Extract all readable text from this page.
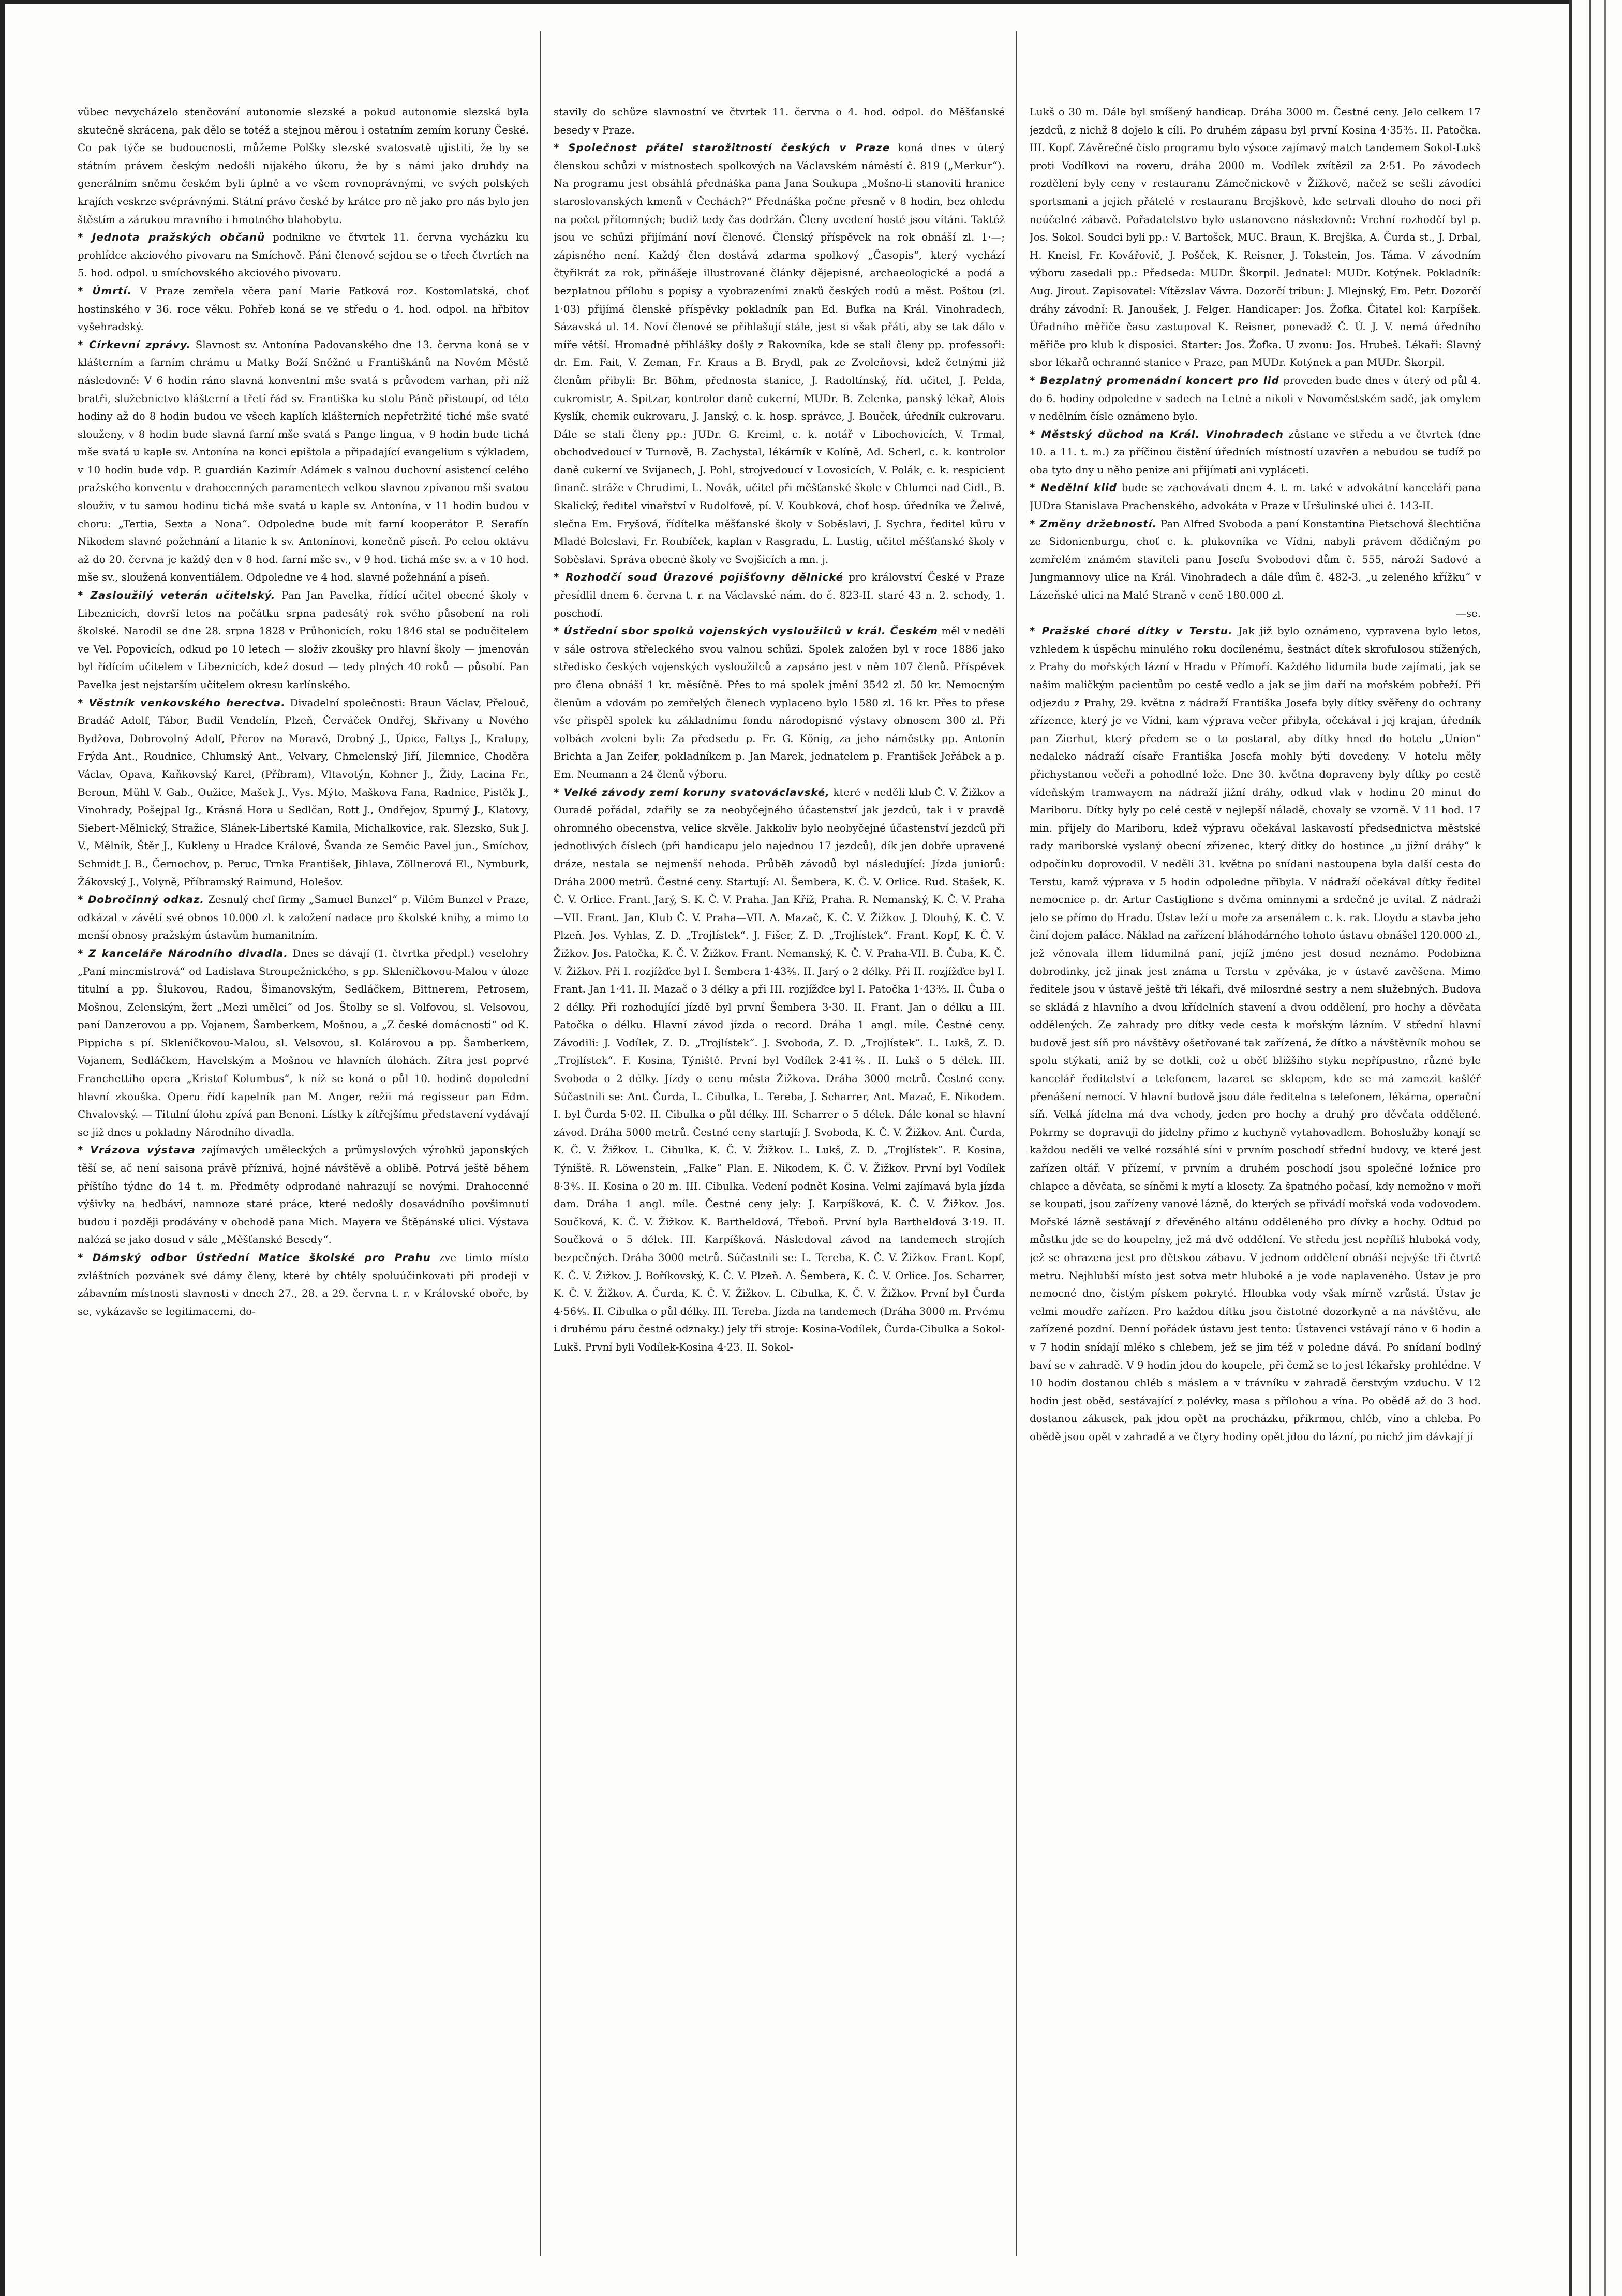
vůbec nevycházelo stenčování autonomie slezské a pokud autonomie slezská byla skutečně skrácena, pak dělo se totéž a stejnou měrou i ostatním zemím koruny České. Co pak týče se budoucnosti, můžeme Polšky slezské svatosvatě ujistiti, že by se státním právem českým nedošli nijakého úkoru, že by s námi jako druhdy na generálním sněmu českém byli úplně a ve všem rovnoprávnými, ve svých polských krajích veskrze svéprávnými. Státní právo české by krátce pro ně jako pro nás bylo jen štěstím a zárukou mravního i hmotného blahobytu.

* Jednota pražských občanů podnikne ve čtvrtek 11. června vycházku ku prohlídce akciového pivovaru na Smíchově. Páni členové sejdou se o třech čtvrtích na 5. hod. odpol. u smíchovského akciového pivovaru.

* Úmrtí. V Praze zemřela včera paní Marie Fatková roz. Kostomlatská, choť hostinského v 36. roce věku. Pohřeb koná se ve středu o 4. hod. odpol. na hřbitov vyšehradský.

* Církevní zprávy. Slavnost sv. Antonína Padovanského dne 13. června koná se v klášterním a farním chrámu u Matky Boží Sněžné u Františkánů na Novém Městě následovně: V 6 hodin ráno slavná konventní mše svatá s průvodem varhan, při níž bratři, služebnictvo klášterní a třetí řád sv. Františka ku stolu Páně přistoupí, od této hodiny až do 8 hodin budou ve všech kaplích klášterních nepřetržité tiché mše svaté slouženy, v 8 hodin bude slavná farní mše svatá s Pange lingua, v 9 hodin bude tichá mše svatá u kaple sv. Antonína na konci epištola a připadající evangelium s výkladem, v 10 hodin bude vdp. P. guardián Kazimír Adámek s valnou duchovní asistencí celého pražského konventu v drahocenných paramentech velkou slavnou zpívanou mši svatou slouživ, v tu samou hodinu tichá mše svatá u kaple sv. Antonína, v 11 hodin budou v choru: „Tertia, Sexta a Nona“. Odpoledne bude mít farní kooperátor P. Serafín Nikodem slavné požehnání a litanie k sv. Antonínovi, konečně píseň. Po celou oktávu až do 20. června je každý den v 8 hod. farní mše sv., v 9 hod. tichá mše sv. a v 10 hod. mše sv., sloužená konventiálem. Odpoledne ve 4 hod. slavné požehnání a píseň.

* Zasloužilý veterán učitelský. Pan Jan Pavelka, řídící učitel obecné školy v Libeznicích, dovrší letos na počátku srpna padesátý rok svého působení na roli školské. Narodil se dne 28. srpna 1828 v Průhonicích, roku 1846 stal se podučitelem ve Vel. Popovicích, odkud po 10 letech — složiv zkoušky pro hlavní školy — jmenován byl řídícím učitelem v Libeznicích, kdež dosud — tedy plných 40 roků — působí. Pan Pavelka jest nejstarším učitelem okresu karlínského.

* Věstník venkovského herectva. Divadelní společnosti: Braun Václav, Přelouč, Bradáč Adolf, Tábor, Budil Vendelín, Plzeň, Červáček Ondřej, Skřivany u Nového Bydžova, Dobrovolný Adolf, Přerov na Moravě, Drobný J., Úpice, Faltys J., Kralupy, Frýda Ant., Roudnice, Chlumský Ant., Velvary, Chmelenský Jiří, Jilemnice, Choděra Václav, Opava, Kaňkovský Karel, (Příbram), Vltavotýn, Kohner J., Židy, Lacina Fr., Beroun, Mühl V. Gab., Oužice, Mašek J., Vys. Mýto, Maškova Fana, Radnice, Pistěk J., Vinohrady, Pošejpal Ig., Krásná Hora u Sedlčan, Rott J., Ondřejov, Spurný J., Klatovy, Siebert-Mělnický, Stražice, Slánek-Libertské Kamila, Michalkovice, rak. Slezsko, Suk J. V., Mělník, Štěr J., Kukleny u Hradce Králové, Švanda ze Semčic Pavel jun., Smíchov, Schmidt J. B., Černochov, p. Peruc, Trnka František, Jihlava, Zöllnerová El., Nymburk, Žákovský J., Volyně, Příbramský Raimund, Holešov.

* Dobročinný odkaz. Zesnulý chef firmy „Samuel Bunzel“ p. Vilém Bunzel v Praze, odkázal v závětí své obnos 10.000 zl. k založení nadace pro školské knihy, a mimo to menší obnosy pražským ústavům humanitním.

* Z kanceláře Národního divadla. Dnes se dávají (1. čtvrtka předpl.) veselohry „Paní mincmistrová“ od Ladislava Stroupežnického, s pp. Skleničkovou-Malou v úloze titulní a pp. Šlukovou, Radou, Šimanovským, Sedláčkem, Bittnerem, Petrosem, Mošnou, Zelenským, žert „Mezi umělci“ od Jos. Štolby se sl. Volfovou, sl. Velsovou, paní Danzerovou a pp. Vojanem, Šamberkem, Mošnou, a „Z české domácnosti“ od K. Pippicha s pí. Skleničkovou-Malou, sl. Velsovou, sl. Kolárovou a pp. Šamberkem, Vojanem, Sedláčkem, Havelským a Mošnou ve hlavních úlohách. Zítra jest poprvé Franchettiho opera „Kristof Kolumbus“, k níž se koná o půl 10. hodině dopolední hlavní zkouška. Operu řídí kapelník pan M. Anger, režii má regisseur pan Edm. Chvalovský. — Titulní úlohu zpívá pan Benoni. Lístky k zítřejšímu představení vydávají se již dnes u pokladny Národního divadla.

* Vrázova výstava zajímavých uměleckých a průmyslových výrobků japonských těší se, ač není saisona právě příznivá, hojné návštěvě a oblibě. Potrvá ještě během příštího týdne do 14 t. m. Předměty odprodané nahrazují se novými. Drahocenné výšivky na hedbáví, namnoze staré práce, které nedošly dosavádního povšimnutí budou i později prodávány v obchodě pana Mich. Mayera ve Štěpánské ulici. Výstava nalézá se jako dosud v sále „Měšťanské Besedy“.

* Dámský odbor Ústřední Matice školské pro Prahu zve timto místo zvláštních pozvánek své dámy členy, které by chtěly spoluúčinkovati při prodeji v zábavním místnosti slavnosti v dnech 27., 28. a 29. června t. r. v Královské oboře, by se, vykázavše se legitimacemi, do-

stavily do schůze slavnostní ve čtvrtek 11. června o 4. hod. odpol. do Měšťanské besedy v Praze.

* Společnost přátel starožitností českých v Praze koná dnes v úterý členskou schůzi v místnostech spolkových na Václavském náměstí č. 819 („Merkur“). Na programu jest obsáhlá přednáška pana Jana Soukupa „Mošno-li stanoviti hranice staroslovanských kmenů v Čechách?“ Přednáška počne přesně v 8 hodin, bez ohledu na počet přítomných; budiž tedy čas dodržán. Členy uvedení hosté jsou vítáni. Taktéž jsou ve schůzi přijímání noví členové. Členský příspěvek na rok obnáší zl. 1·—; zápisného není. Každý člen dostává zdarma spolkový „Časopis“, který vychází čtyřikrát za rok, přinášeje illustrované články dějepisné, archaeologické a podá a bezplatnou přílohu s popisy a vyobrazeními znaků českých rodů a měst. Poštou (zl. 1·03) přijímá členské příspěvky pokladník pan Ed. Bufka na Král. Vinohradech, Sázavská ul. 14. Noví členové se přihlašují stále, jest si však přáti, aby se tak dálo v míře větší. Hromadné přihlášky došly z Rakovníka, kde se stali členy pp. professoři: dr. Em. Fait, V. Zeman, Fr. Kraus a B. Brydl, pak ze Zvoleňovsi, kdež četnými již členům přibyli: Br. Böhm, přednosta stanice, J. Radoltínský, říd. učitel, J. Pelda, cukromistr, A. Spitzar, kontrolor daně cukerní, MUDr. B. Zelenka, panský lékař, Alois Kyslík, chemik cukrovaru, J. Janský, c. k. hosp. správce, J. Bouček, úředník cukrovaru. Dále se stali členy pp.: JUDr. G. Kreiml, c. k. notář v Libochovicích, V. Trmal, obchodvedoucí v Turnově, B. Zachystal, lékárník v Kolíně, Ad. Scherl, c. k. kontrolor daně cukerní ve Svijanech, J. Pohl, strojvedoucí v Lovosicích, V. Polák, c. k. respicient finanč. stráže v Chrudimi, L. Novák, učitel při měšťanské škole v Chlumci nad Cidl., B. Skalický, ředitel vinařství v Rudolfově, pí. V. Koubková, choť hosp. úředníka ve Želivě, slečna Em. Fryšová, řídítelka měšťanské školy v Soběslavi, J. Sychra, ředitel kůru v Mladé Boleslavi, Fr. Roubíček, kaplan v Rasgradu, L. Lustig, učitel měšťanské školy v Soběslavi. Správa obecné školy ve Svojšicích a mn. j.

* Rozhodčí soud Úrazové pojišťovny dělnické pro království České v Praze přesídlil dnem 6. června t. r. na Václavské nám. do č. 823-II. staré 43 n. 2. schody, 1. poschodí.

* Ústřední sbor spolků vojenských vysloužilců v král. Českém měl v neděli v sále ostrova střeleckého svou valnou schůzi. Spolek založen byl v roce 1886 jako středisko českých vojenských vysloužilců a zapsáno jest v něm 107 členů. Příspěvek pro člena obnáší 1 kr. měsíčně. Přes to má spolek jmění 3542 zl. 50 kr. Nemocným členům a vdovám po zemřelých členech vyplaceno bylo 1580 zl. 16 kr. Přes to přese vše přispěl spolek ku základnímu fondu národopisné výstavy obnosem 300 zl. Při volbách zvoleni byli: Za předsedu p. Fr. G. König, za jeho náměstky pp. Antonín Brichta a Jan Zeifer, pokladníkem p. Jan Marek, jednatelem p. František Jeřábek a p. Em. Neumann a 24 členů výboru.

* Velké závody zemí koruny svatováclavské, které v neděli klub Č. V. Žižkov a Ouradě pořádal, zdařily se za neobyčejného účastenství jak jezdců, tak i v pravdě ohromného obecenstva, velice skvěle. Jakkoliv bylo neobyčejné účastenství jezdců při jednotlivých číslech (při handicapu jelo najednou 17 jezdců), dík jen dobře upravené dráze, nestala se nejmenší nehoda. Průběh závodů byl následující: Jízda juniorů: Dráha 2000 metrů. Čestné ceny. Startují: Al. Šembera, K. Č. V. Orlice. Rud. Stašek, K. Č. V. Orlice. Frant. Jarý, S. K. Č. V. Praha. Jan Kříž, Praha. R. Nemanský, K. Č. V. Praha—VII. Frant. Jan, Klub Č. V. Praha—VII. A. Mazač, K. Č. V. Žižkov. J. Dlouhý, K. Č. V. Plzeň. Jos. Vyhlas, Z. D. „Trojlístek“. J. Fišer, Z. D. „Trojlístek“. Frant. Kopf, K. Č. V. Žižkov. Jos. Patočka, K. Č. V. Žižkov. Frant. Nemanský, K. Č. V. Praha-VII. B. Čuba, K. Č. V. Žižkov. Při I. rozjížďce byl I. Šembera 1·43⅖. II. Jarý o 2 délky. Při II. rozjížďce byl I. Frant. Jan 1·41. II. Mazač o 3 délky a při III. rozjížďce byl I. Patočka 1·43⅗. II. Čuba o 2 délky. Při rozhodující jízdě byl první Šembera 3·30. II. Frant. Jan o délku a III. Patočka o délku. Hlavní závod jízda o record. Dráha 1 angl. míle. Čestné ceny. Závodili: J. Vodílek, Z. D. „Trojlístek“. J. Svoboda, Z. D. „Trojlístek“. L. Lukš, Z. D. „Trojlístek“. F. Kosina, Týniště. První byl Vodílek 2·41⅖. II. Lukš o 5 délek. III. Svoboda o 2 délky. Jízdy o cenu města Žižkova. Dráha 3000 metrů. Čestné ceny. Súčastnili se: Ant. Čurda, L. Cibulka, L. Tereba, J. Scharrer, Ant. Mazač, E. Nikodem. I. byl Čurda 5·02. II. Cibulka o půl délky. III. Scharrer o 5 délek. Dále konal se hlavní závod. Dráha 5000 metrů. Čestné ceny startují: J. Svoboda, K. Č. V. Žižkov. Ant. Čurda, K. Č. V. Žižkov. L. Cibulka, K. Č. V. Žižkov. L. Lukš, Z. D. „Trojlístek“. F. Kosina, Týniště. R. Löwenstein, „Falke“ Plan. E. Nikodem, K. Č. V. Žižkov. První byl Vodílek 8·3⅘. II. Kosina o 20 m. III. Cibulka. Vedení podnět Kosina. Velmi zajímavá byla jízda dam. Dráha 1 angl. míle. Čestné ceny jely: J. Karpíšková, K. Č. V. Žižkov. Jos. Součková, K. Č. V. Žižkov. K. Bartheldová, Třeboň. První byla Bartheldová 3·19. II. Součková o 5 délek. III. Karpíšková. Následoval závod na tandemech strojích bezpečných. Dráha 3000 metrů. Súčastnili se: L. Tereba, K. Č. V. Žižkov. Frant. Kopf, K. Č. V. Žižkov. J. Boříkovský, K. Č. V. Plzeň. A. Šembera, K. Č. V. Orlice. Jos. Scharrer, K. Č. V. Žižkov. A. Čurda, K. Č. V. Žižkov. L. Cibulka, K. Č. V. Žižkov. První byl Čurda 4·56⅘. II. Cibulka o půl délky. III. Tereba. Jízda na tandemech (Dráha 3000 m. Prvému i druhému páru čestné odznaky.) jely tři stroje: Kosina-Vodílek, Čurda-Cibulka a Sokol-Lukš. První byli Vodílek-Kosina 4·23. II. Sokol-

Lukš o 30 m. Dále byl smíšený handicap. Dráha 3000 m. Čestné ceny. Jelo celkem 17 jezdců, z nichž 8 dojelo k cíli. Po druhém zápasu byl první Kosina 4·35⅗. II. Patočka. III. Kopf. Závěrečné číslo programu bylo výsoce zajímavý match tandemem Sokol-Lukš proti Vodílkovi na roveru, dráha 2000 m. Vodílek zvítězil za 2·51. Po závodech rozdělení byly ceny v restauranu Zámečnickově v Žižkově, načež se sešli závodící sportsmani a jejich přátelé v restauranu Brejškově, kde setrvali dlouho do noci při neúčelné zábavě. Pořadatelstvo bylo ustanoveno následovně: Vrchní rozhodčí byl p. Jos. Sokol. Soudci byli pp.: V. Bartošek, MUC. Braun, K. Brejška, A. Čurda st., J. Drbal, H. Kneisl, Fr. Kovářovič, J. Pošček, K. Reisner, J. Tokstein, Jos. Táma. V závodním výboru zasedali pp.: Předseda: MUDr. Škorpil. Jednatel: MUDr. Kotýnek. Pokladník: Aug. Jirout. Zapisovatel: Vítězslav Vávra. Dozorčí tribun: J. Mlejnský, Em. Petr. Dozorčí dráhy závodní: R. Janoušek, J. Felger. Handicaper: Jos. Žofka. Čitatel kol: Karpíšek. Úřadního měřiče času zastupoval K. Reisner, ponevadž Č. Ú. J. V. nemá úředního měřiče pro klub k disposici. Starter: Jos. Žofka. U zvonu: Jos. Hrubeš. Lékaři: Slavný sbor lékařů ochranné stanice v Praze, pan MUDr. Kotýnek a pan MUDr. Škorpil.

* Bezplatný promenádní koncert pro lid proveden bude dnes v úterý od půl 4. do 6. hodiny odpoledne v sadech na Letné a nikoli v Novoměstském sadě, jak omylem v nedělním čísle oznámeno bylo.

* Městský důchod na Král. Vinohradech zůstane ve středu a ve čtvrtek (dne 10. a 11. t. m.) za příčinou čistění úředních místností uzavřen a nebudou se tudíž po oba tyto dny u něho penize ani přijímati ani vypláceti.

* Nedělní klid bude se zachovávati dnem 4. t. m. také v advokátní kanceláři pana JUDra Stanislava Prachenského, advokáta v Praze v Uršulinské ulici č. 143-II.

* Změny držebností. Pan Alfred Svoboda a paní Konstantina Pietschová šlechtična ze Sidonienburgu, choť c. k. plukovníka ve Vídni, nabyli právem dědičným po zemřelém známém staviteli panu Josefu Svobodovi dům č. 555, nároží Sadové a Jungmannovy ulice na Král. Vinohradech a dále dům č. 482-3. „u zeleného křížku“ v Lázeňské ulici na Malé Straně v ceně 180.000 zl.

—se.

* Pražské choré dítky v Terstu. Jak již bylo oznámeno, vypravena bylo letos, vzhledem k úspěchu minulého roku docílenému, šestnáct dítek skrofulosou stížených, z Prahy do mořských lázní v Hradu v Přímoří. Každého lidumila bude zajímati, jak se našim maličkým pacientům po cestě vedlo a jak se jim daří na mořském pobřeží. Při odjezdu z Prahy, 29. května z nádraží Františka Josefa byly dítky svěřeny do ochrany zřízence, který je ve Vídni, kam výprava večer přibyla, očekával i jej krajan, úředník pan Zierhut, který předem se o to postaral, aby dítky hned do hotelu „Union“ nedaleko nádraží císaře Františka Josefa mohly býti dovedeny. V hotelu měly přichystanou večeři a pohodlné lože. Dne 30. května dopraveny byly dítky po cestě vídeňským tramwayem na nádraží jižní dráhy, odkud vlak v hodinu 20 minut do Mariboru. Dítky byly po celé cestě v nejlepší náladě, chovaly se vzorně. V 11 hod. 17 min. přijely do Mariboru, kdež výpravu očekával laskavostí předsednictva městské rady mariborské vyslaný obecní zřízenec, který dítky do hostince „u jižní dráhy“ k odpočinku doprovodil. V neděli 31. května po snídani nastoupena byla další cesta do Terstu, kamž výprava v 5 hodin odpoledne přibyla. V nádraží očekával dítky ředitel nemocnice p. dr. Artur Castiglione s dvěma ominnymi a srdečně je uvítal. Z nádraží jelo se přímo do Hradu. Ústav leží u moře za arsenálem c. k. rak. Lloydu a stavba jeho činí dojem paláce. Náklad na zařízení bláhodárného tohoto ústavu obnášel 120.000 zl., jež věnovala illem lidumilná paní, jejíž jméno jest dosud neznámo. Podobizna dobrodinky, jež jinak jest známa u Terstu v zpěváka, je v ústavě zavěšena. Mimo ředitele jsou v ústavě ještě tři lékaři, dvě milosrdné sestry a nem služebných. Budova se skládá z hlavního a dvou křídelních stavení a dvou oddělení, pro hochy a děvčata oddělených. Ze zahrady pro dítky vede cesta k mořským lázním. V střední hlavní budově jest síň pro návštěvy ošetřované tak zařízená, že dítko a návštěvník mohou se spolu stýkati, aniž by se dotkli, což u oběť bližšího styku nepřípustno, různé byle kancelář ředitelství a telefonem, lazaret se sklepem, kde se má zamezit kašléř přenášení nemocí. V hlavní budově jsou dále ředitelna s telefonem, lékárna, operační síň. Velká jídelna má dva vchody, jeden pro hochy a druhý pro děvčata oddělené. Pokrmy se dopravují do jídelny přímo z kuchyně vytahovadlem. Bohoslužby konají se každou neděli ve velké rozsáhlé síni v prvním poschodí střední budovy, ve které jest zařízen oltář. V přízemí, v prvním a druhém poschodí jsou společné ložnice pro chlapce a děvčata, se síněmi k mytí a klosety. Za špatného počasí, kdy nemožno v moři se koupati, jsou zařízeny vanové lázně, do kterých se přivádí mořská voda vodovodem. Mořské lázně sestávají z dřevěného altánu odděleného pro dívky a hochy. Odtud po můstku jde se do koupelny, jež má dvě oddělení. Ve středu jest nepříliš hluboká vody, jež se ohrazena jest pro dětskou zábavu. V jednom oddělení obnáší nejvýše tři čtvrtě metru. Nejhlubší místo jest sotva metr hluboké a je vode naplaveného. Ústav je pro nemocné dno, čistým pískem pokryté. Hloubka vody však mírně vzrůstá. Ústav je velmi moudře zařízen. Pro každou dítku jsou čistotné dozorkyně a na návštěvu, ale zařízené pozdní. Denní pořádek ústavu jest tento: Ústavenci vstávají ráno v 6 hodin a v 7 hodin snídají mléko s chlebem, jež se jim též v poledne dává. Po snídaní bodlný baví se v zahradě. V 9 hodin jdou do koupele, při čemž se to jest lékařsky prohlédne. V 10 hodin dostanou chléb s máslem a v trávníku v zahradě čerstvým vzduchu. V 12 hodin jest oběd, sestávající z polévky, masa s přílohou a vína. Po obědě až do 3 hod. dostanou zákusek, pak jdou opět na procházku, přikrmou, chléb, víno a chleba. Po obědě jsou opět v zahradě a ve čtyry hodiny opět jdou do lázní, po nichž jim dávkají jí
